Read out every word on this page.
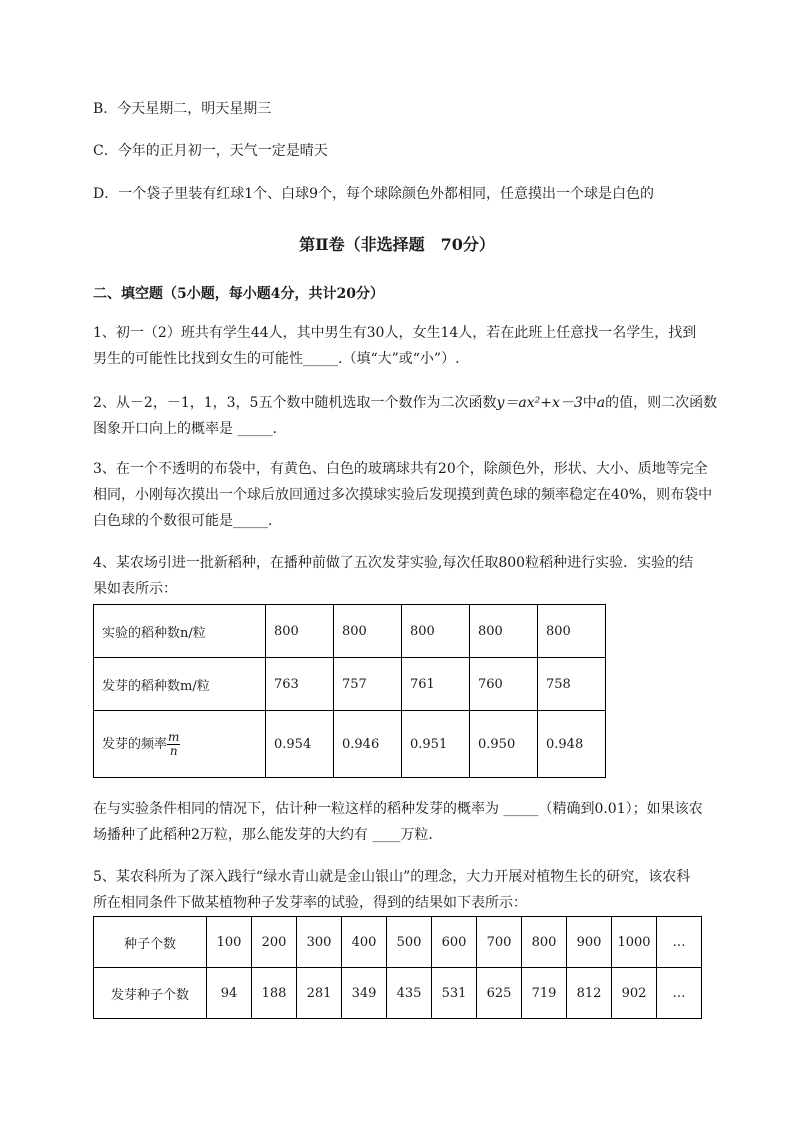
B．今天星期二，明天星期三
C．今年的正月初一，天气一定是晴天
D．一个袋子里装有红球1个、白球9个，每个球除颜色外都相同，任意摸出一个球是白色的
第Ⅱ卷（非选择题　70分）
二、填空题（5小题，每小题4分，共计20分）
1、初一（2）班共有学生44人，其中男生有30人，女生14人，若在此班上任意找一名学生，找到
男生的可能性比找到女生的可能性_____.（填“大”或“小”）.
2、从－2，－1，1，3，5五个数中随机选取一个数作为二次函数y＝ax²+x－3中a的值，则二次函数
图象开口向上的概率是 _____.
3、在一个不透明的布袋中，有黄色、白色的玻璃球共有20个，除颜色外，形状、大小、质地等完全
相同，小刚每次摸出一个球后放回通过多次摸球实验后发现摸到黄色球的频率稳定在40%，则布袋中
白色球的个数很可能是_____.
4、某农场引进一批新稻种，在播种前做了五次发芽实验,每次任取800粒稻种进行实验．实验的结
果如表所示：
实验的稻种数n/粒	800	800	800	800	800
发芽的稻种数m/粒	763	757	761	760	758
发芽的频率 $\frac{m}{n}$	0.954	0.946	0.951	0.950	0.948
在与实验条件相同的情况下，估计种一粒这样的稻种发芽的概率为 _____（精确到0.01）；如果该农
场播种了此稻种2万粒，那么能发芽的大约有 ____万粒．
5、某农科所为了深入践行“绿水青山就是金山银山”的理念，大力开展对植物生长的研究，该农科
所在相同条件下做某植物种子发芽率的试验，得到的结果如下表所示：
种子个数	100	200	300	400	500	600	700	800	900	1000	…
发芽种子个数	94	188	281	349	435	531	625	719	812	902	…
